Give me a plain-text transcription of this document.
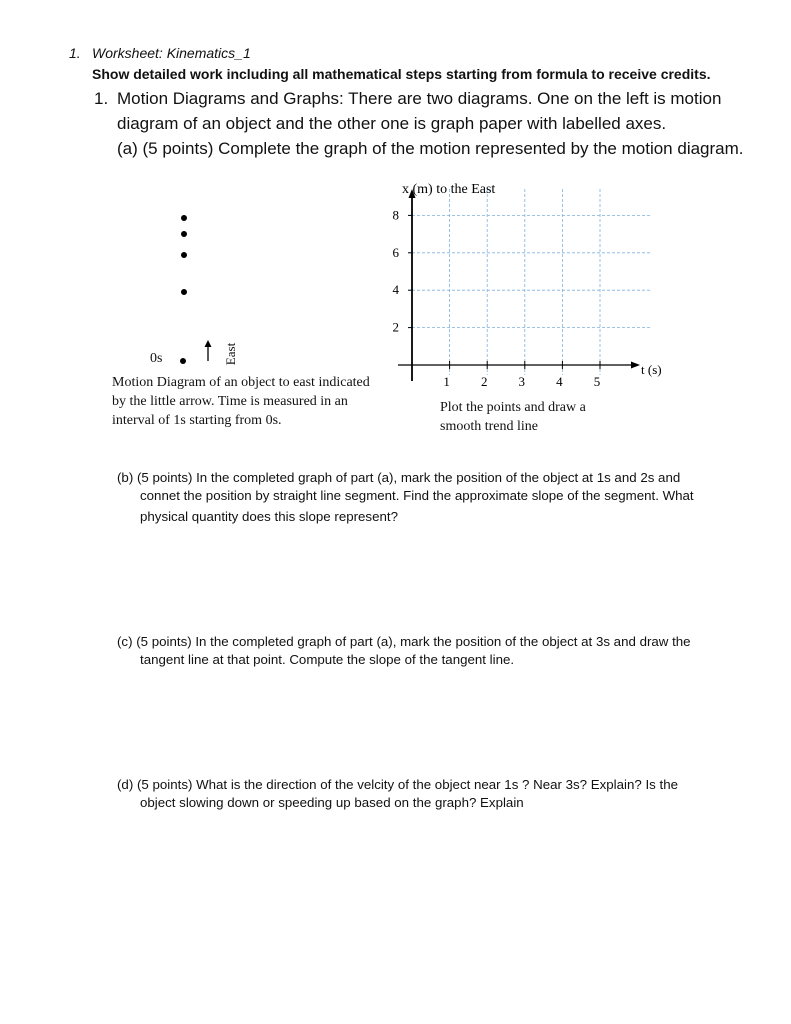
1. Worksheet: Kinematics_1
Show detailed work including all mathematical steps starting from formula to receive credits.
1. Motion Diagrams and Graphs: There are two diagrams. One on the left is motion
diagram of an object and the other one is graph paper with labelled axes.
(a) (5 points) Complete the graph of the motion represented by the motion diagram.
0s	East
Motion Diagram of an object to east indicated
by the little arrow. Time is measured in an
interval of 1s starting from 0s.
2
4
6
8
1 2 3 4 5
x (m) to the East
t (s)
Plot the points and draw a
smooth trend line
(b) (5 points) In the completed graph of part (a), mark the position of the object at 1s and 2s and
connet the position by straight line segment. Find the approximate slope of the segment. What
physical quantity does this slope represent?
(c) (5 points) In the completed graph of part (a), mark the position of the object at 3s and draw the
tangent line at that point. Compute the slope of the tangent line.
(d) (5 points) What is the direction of the velcity of the object near 1s ? Near 3s? Explain? Is the
object slowing down or speeding up based on the graph? Explain
